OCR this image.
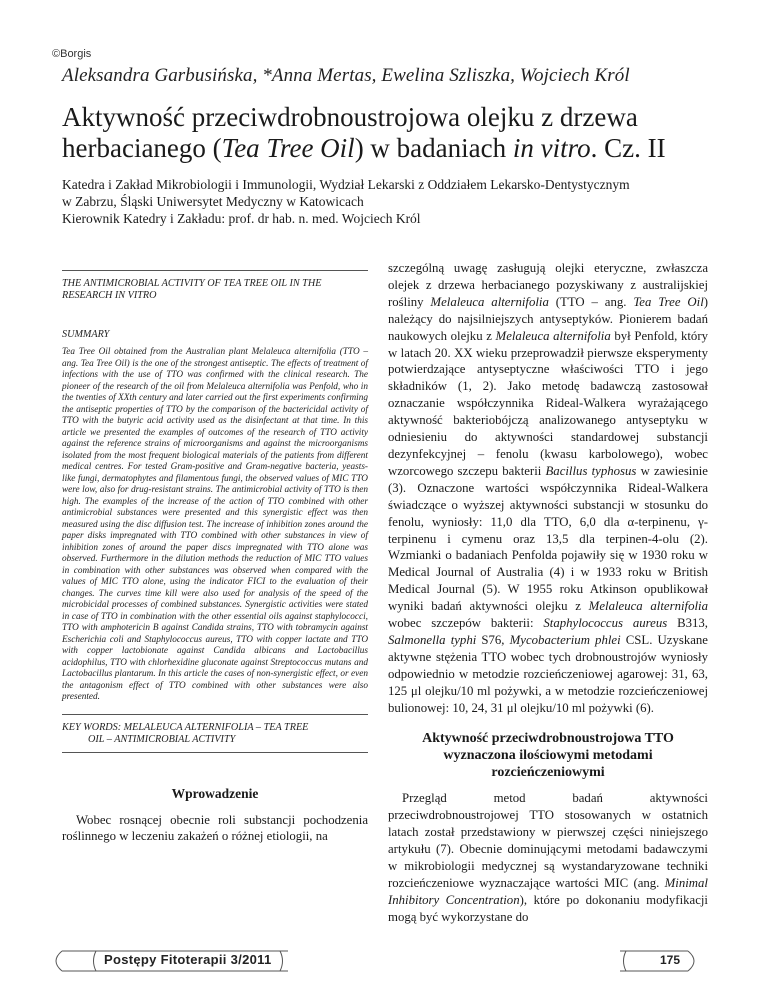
©Borgis
Aleksandra Garbusińska, *Anna Mertas, Ewelina Szliszka, Wojciech Król
Aktywność przeciwdrobnoustrojowa olejku z drzewa herbacianego (Tea Tree Oil) w badaniach in vitro. Cz. II
Katedra i Zakład Mikrobiologii i Immunologii, Wydział Lekarski z Oddziałem Lekarsko-Dentystycznym
w Zabrzu, Śląski Uniwersytet Medyczny w Katowicach
Kierownik Katedry i Zakładu: prof. dr hab. n. med. Wojciech Król
THE ANTIMICROBIAL ACTIVITY OF TEA TREE OIL IN THE RESEARCH IN VITRO
SUMMARY
Tea Tree Oil obtained from the Australian plant Melaleuca alternifolia (TTO – ang. Tea Tree Oil) is the one of the strongest antiseptic. The effects of treatment of infections with the use of TTO was confirmed with the clinical research. The pioneer of the research of the oil from Melaleuca alternifolia was Penfold, who in the twenties of XXth century and later carried out the first experiments confirming the antiseptic properties of TTO by the comparison of the bactericidal activity of TTO with the butyric acid activity used as the disinfectant at that time. In this article we presented the examples of outcomes of the research of TTO activity against the reference strains of microorganisms and against the microorganisms isolated from the most frequent biological materials of the patients from different medical centres. For tested Gram-positive and Gram-negative bacteria, yeasts-like fungi, dermatophytes and filamentous fungi, the observed values of MIC TTO were low, also for drug-resistant strains. The antimicrobial activity of TTO is then high. The examples of the increase of the action of TTO combined with other antimicrobial substances were presented and this synergistic effect was then measured using the disc diffusion test. The increase of inhibition zones around the paper disks impregnated with TTO combined with other substances in view of inhibition zones of around the paper discs impregnated with TTO alone was observed. Furthermore in the dilution methods the reduction of MIC TTO values in combination with other substances was observed when compared with the values of MIC TTO alone, using the indicator FICI to the evaluation of their changes. The curves time kill were also used for analysis of the speed of the microbicidal processes of combined substances. Synergistic activities were stated in case of TTO in combination with the other essential oils against staphylococci, TTO with amphotericin B against Candida strains, TTO with tobramycin against Escherichia coli and Staphylococcus aureus, TTO with copper lactate and TTO with copper lactobionate against Candida albicans and Lactobacillus acidophilus, TTO with chlorhexidine gluconate against Streptococcus mutans and Lactobacillus plantarum. In this article the cases of non-synergistic effect, or even the antagonism effect of TTO combined with other substances were also presented.
KEY WORDS: MELALEUCA ALTERNIFOLIA – TEA TREE
OIL – ANTIMICROBIAL ACTIVITY
Wprowadzenie
Wobec rosnącej obecnie roli substancji pochodzenia roślinnego w leczeniu zakażeń o różnej etiologii, na

szczególną uwagę zasługują olejki eteryczne, zwłaszcza olejek z drzewa herbacianego pozyskiwany z australijskiej rośliny Melaleuca alternifolia (TTO – ang. Tea Tree Oil) należący do najsilniejszych antyseptyków. Pionierem badań naukowych olejku z Melaleuca alternifolia był Penfold, który w latach 20. XX wieku przeprowadził pierwsze eksperymenty potwierdzające antyseptyczne właściwości TTO i jego składników (1, 2). Jako metodę badawczą zastosował oznaczanie współczynnika Rideal-Walkera wyrażającego aktywność bakteriobójczą analizowanego antyseptyku w odniesieniu do aktywności standardowej substancji dezynfekcyjnej – fenolu (kwasu karbolowego), wobec wzorcowego szczepu bakterii Bacillus typhosus w zawiesinie (3). Oznaczone wartości współczynnika Rideal-Walkera świadczące o wyższej aktywności substancji w stosunku do fenolu, wyniosły: 11,0 dla TTO, 6,0 dla α-terpinenu, γ-terpinenu i cymenu oraz 13,5 dla terpinen-4-olu (2). Wzmianki o badaniach Penfolda pojawiły się w 1930 roku w Medical Journal of Australia (4) i w 1933 roku w British Medical Journal (5). W 1955 roku Atkinson opublikował wyniki badań aktywności olejku z Melaleuca alternifolia wobec szczepów bakterii: Staphylococcus aureus B313, Salmonella typhi S76, Mycobacterium phlei CSL. Uzyskane aktywne stężenia TTO wobec tych drobnoustrojów wyniosły odpowiednio w metodzie rozcieńczeniowej agarowej: 31, 63, 125 μl olejku/10 ml pożywki, a w metodzie rozcieńczeniowej bulionowej: 10, 24, 31 μl olejku/10 ml pożywki (6).

Aktywność przeciwdrobnoustrojowa TTO wyznaczona ilościowymi metodami rozcieńczeniowymi

Przegląd metod badań aktywności przeciwdrobnoustrojowej TTO stosowanych w ostatnich latach został przedstawiony w pierwszej części niniejszego artykułu (7). Obecnie dominującymi metodami badawczymi w mikrobiologii medycznej są wystandaryzowane techniki rozcieńczeniowe wyznaczające wartości MIC (ang. Minimal Inhibitory Concentration), które po dokonaniu modyfikacji mogą być wykorzystane do

Postępy Fitoterapii 3/2011	175
